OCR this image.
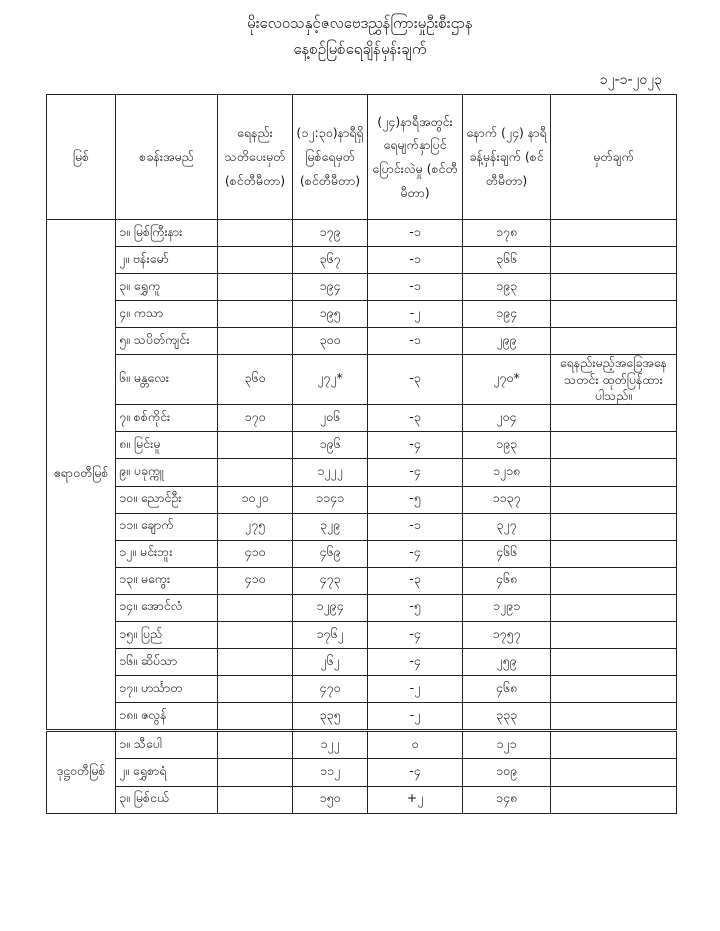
မိုးလေဝသနှင့်ဇလဗေဒညွှန်ကြားမှုဦးစီးဌာန
နေ့စဉ်မြစ်ရေချိန်မှန်းချက်
၁၂-၁-၂၀၂၃
မြစ်	စခန်းအမည်	ရေနည်း သတိပေးမှတ် (စင်တီမီတာ)	(၁၂:၃၀)နာရီရှိ မြစ်ရေမှတ် (စင်တီမီတာ)	(၂၄)နာရီအတွင်း ရေမျက်နှာပြင် ပြောင်းလဲမှု (စင်တီမီတာ)	နောက် (၂၄) နာရီ ခန့်မှန်းချက် (စင်တီမီတာ)	မှတ်ချက်
ဧရာဝတီမြစ်	၁။ မြစ်ကြီးနား		၁၇၉	-၁	၁၇၈	
	၂။ ဗန်းမော်		၃၆၇	-၁	၃၆၆	
	၃။ ရွှေကူ		၁၉၄	-၁	၁၉၃	
	၄။ ကသာ		၁၉၅	-၂	၁၉၄	
	၅။ သပိတ်ကျင်း		၃၀၀	-၁	၂၉၉	
	၆။ မန္တလေး	၃၆၀	၂၇၂*	-၃	၂၇၀*	ရေနည်းမည့်အခြေအနေသတင်း ထုတ်ပြန်ထားပါသည်။
	၇။ စစ်ကိုင်း	၁၇၀	၂၀၆	-၃	၂၀၄	
	၈။ မြင်းမူ		၁၉၆	-၄	၁၉၃	
	၉။ ပခုက္ကူ		၁၂၂၂	-၄	၁၂၁၈	
	၁၀။ ညောင်ဦး	၁၀၂၀	၁၁၄၁	-၅	၁၁၃၇	
	၁၁။ ချောက်	၂၇၅	၃၂၉	-၁	၃၂၇	
	၁၂။ မင်းဘူး	၄၁၀	၄၆၉	-၄	၄၆၆	
	၁၃။ မကွေး	၄၁၀	၄၇၃	-၃	၄၆၈	
	၁၄။ အောင်လံ		၁၂၉၄	-၅	၁၂၉၁	
	၁၅။ ပြည်		၁၇၆၂	-၄	၁၇၅၇	
	၁၆။ ဆိပ်သာ		၂၆၂	-၄	၂၅၉	
	၁၇။ ဟင်္သာတ		၄၇၀	-၂	၄၆၈	
	၁၈။ ဇလွန်		၃၃၅	-၂	၃၃၃	
ဒုဋ္ဌဝတီမြစ်	၁။ သီပေါ		၁၂၂	၀	၁၂၁	
	၂။ ရွှေစာရံ		၁၁၂	-၄	၁၀၉	
	၃။ မြစ်ငယ်		၁၅၀	+၂	၁၄၈	
